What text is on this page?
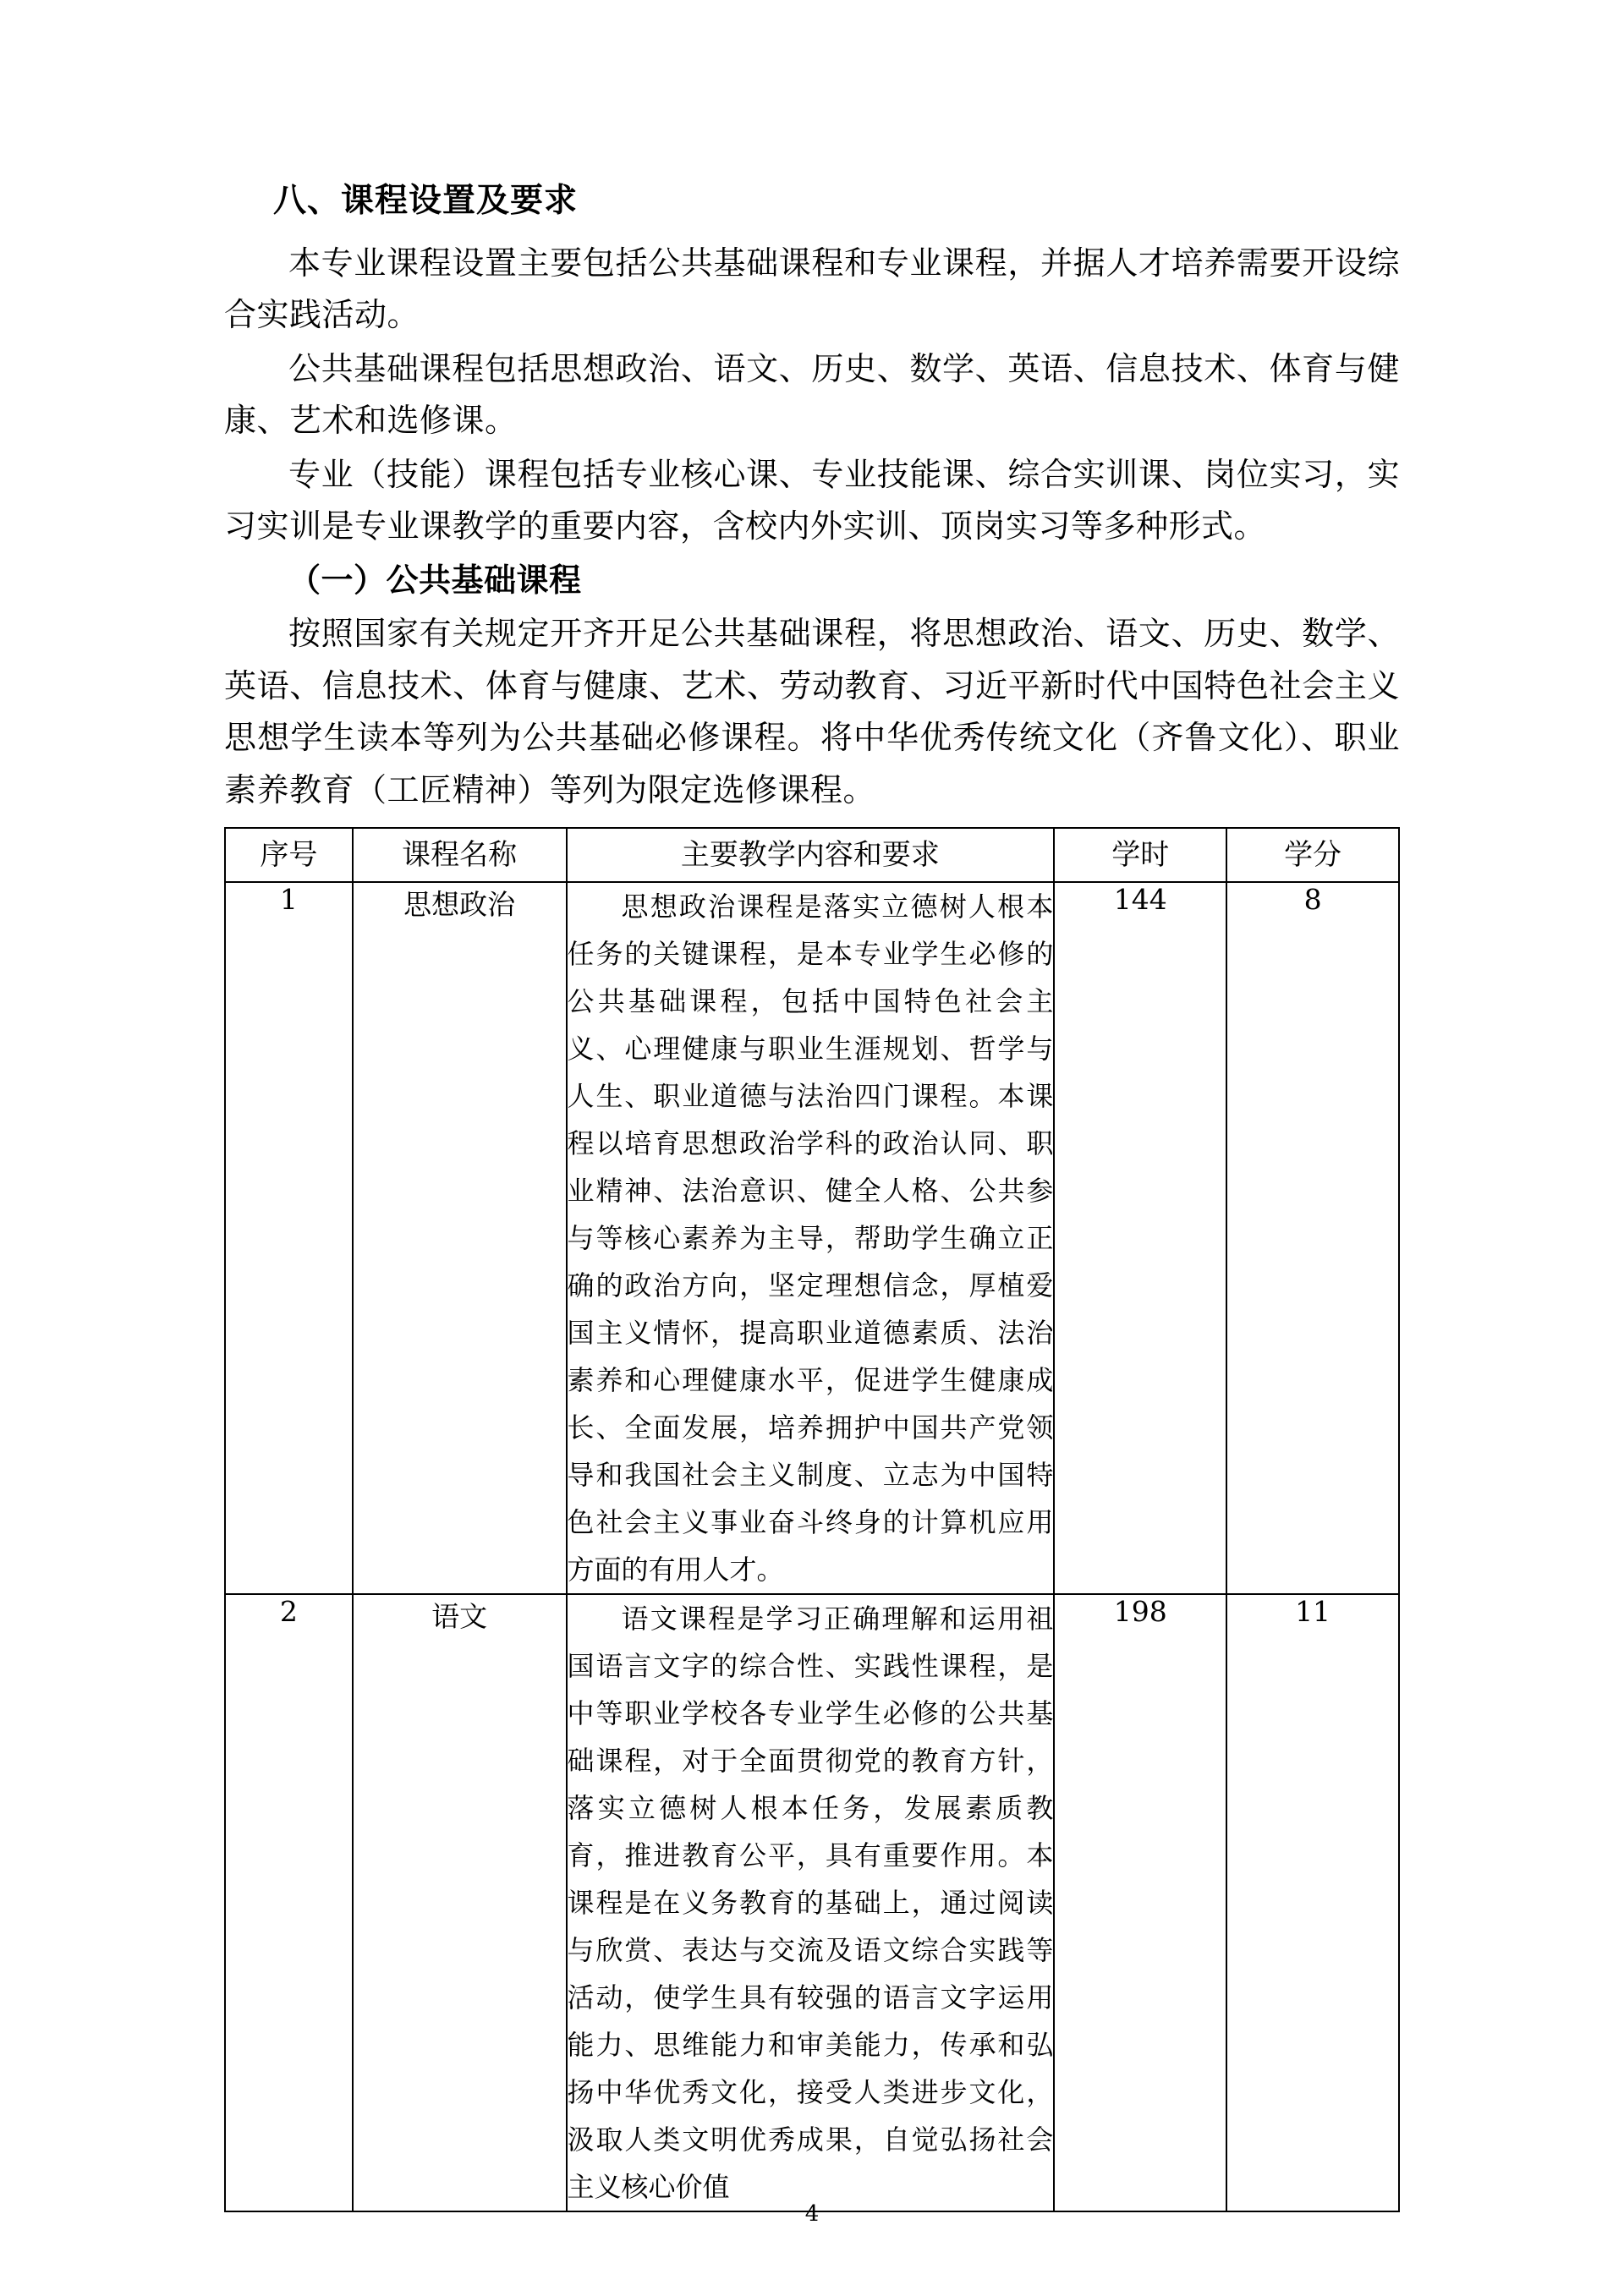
八、课程设置及要求

本专业课程设置主要包括公共基础课程和专业课程，并据人才培养需要开设综合实践活动。

公共基础课程包括思想政治、语文、历史、数学、英语、信息技术、体育与健康、艺术和选修课。

专业（技能）课程包括专业核心课、专业技能课、综合实训课、岗位实习，实习实训是专业课教学的重要内容，含校内外实训、顶岗实习等多种形式。

（一）公共基础课程

按照国家有关规定开齐开足公共基础课程，将思想政治、语文、历史、数学、英语、信息技术、体育与健康、艺术、劳动教育、习近平新时代中国特色社会主义思想学生读本等列为公共基础必修课程。将中华优秀传统文化（齐鲁文化）、职业素养教育（工匠精神）等列为限定选修课程。

序号	课程名称	主要教学内容和要求	学时	学分
1	思想政治	思想政治课程是落实立德树人根本任务的关键课程，是本专业学生必修的公共基础课程，包括中国特色社会主义、心理健康与职业生涯规划、哲学与人生、职业道德与法治四门课程。本课程以培育思想政治学科的政治认同、职业精神、法治意识、健全人格、公共参与等核心素养为主导，帮助学生确立正确的政治方向，坚定理想信念，厚植爱国主义情怀，提高职业道德素质、法治素养和心理健康水平，促进学生健康成长、全面发展，培养拥护中国共产党领导和我国社会主义制度、立志为中国特色社会主义事业奋斗终身的计算机应用方面的有用人才。	144	8
2	语文	语文课程是学习正确理解和运用祖国语言文字的综合性、实践性课程，是中等职业学校各专业学生必修的公共基础课程，对于全面贯彻党的教育方针，落实立德树人根本任务，发展素质教育，推进教育公平，具有重要作用。本课程是在义务教育的基础上，通过阅读与欣赏、表达与交流及语文综合实践等活动，使学生具有较强的语言文字运用能力、思维能力和审美能力，传承和弘扬中华优秀文化，接受人类进步文化，汲取人类文明优秀成果，自觉弘扬社会主义核心价值	198	11
4
